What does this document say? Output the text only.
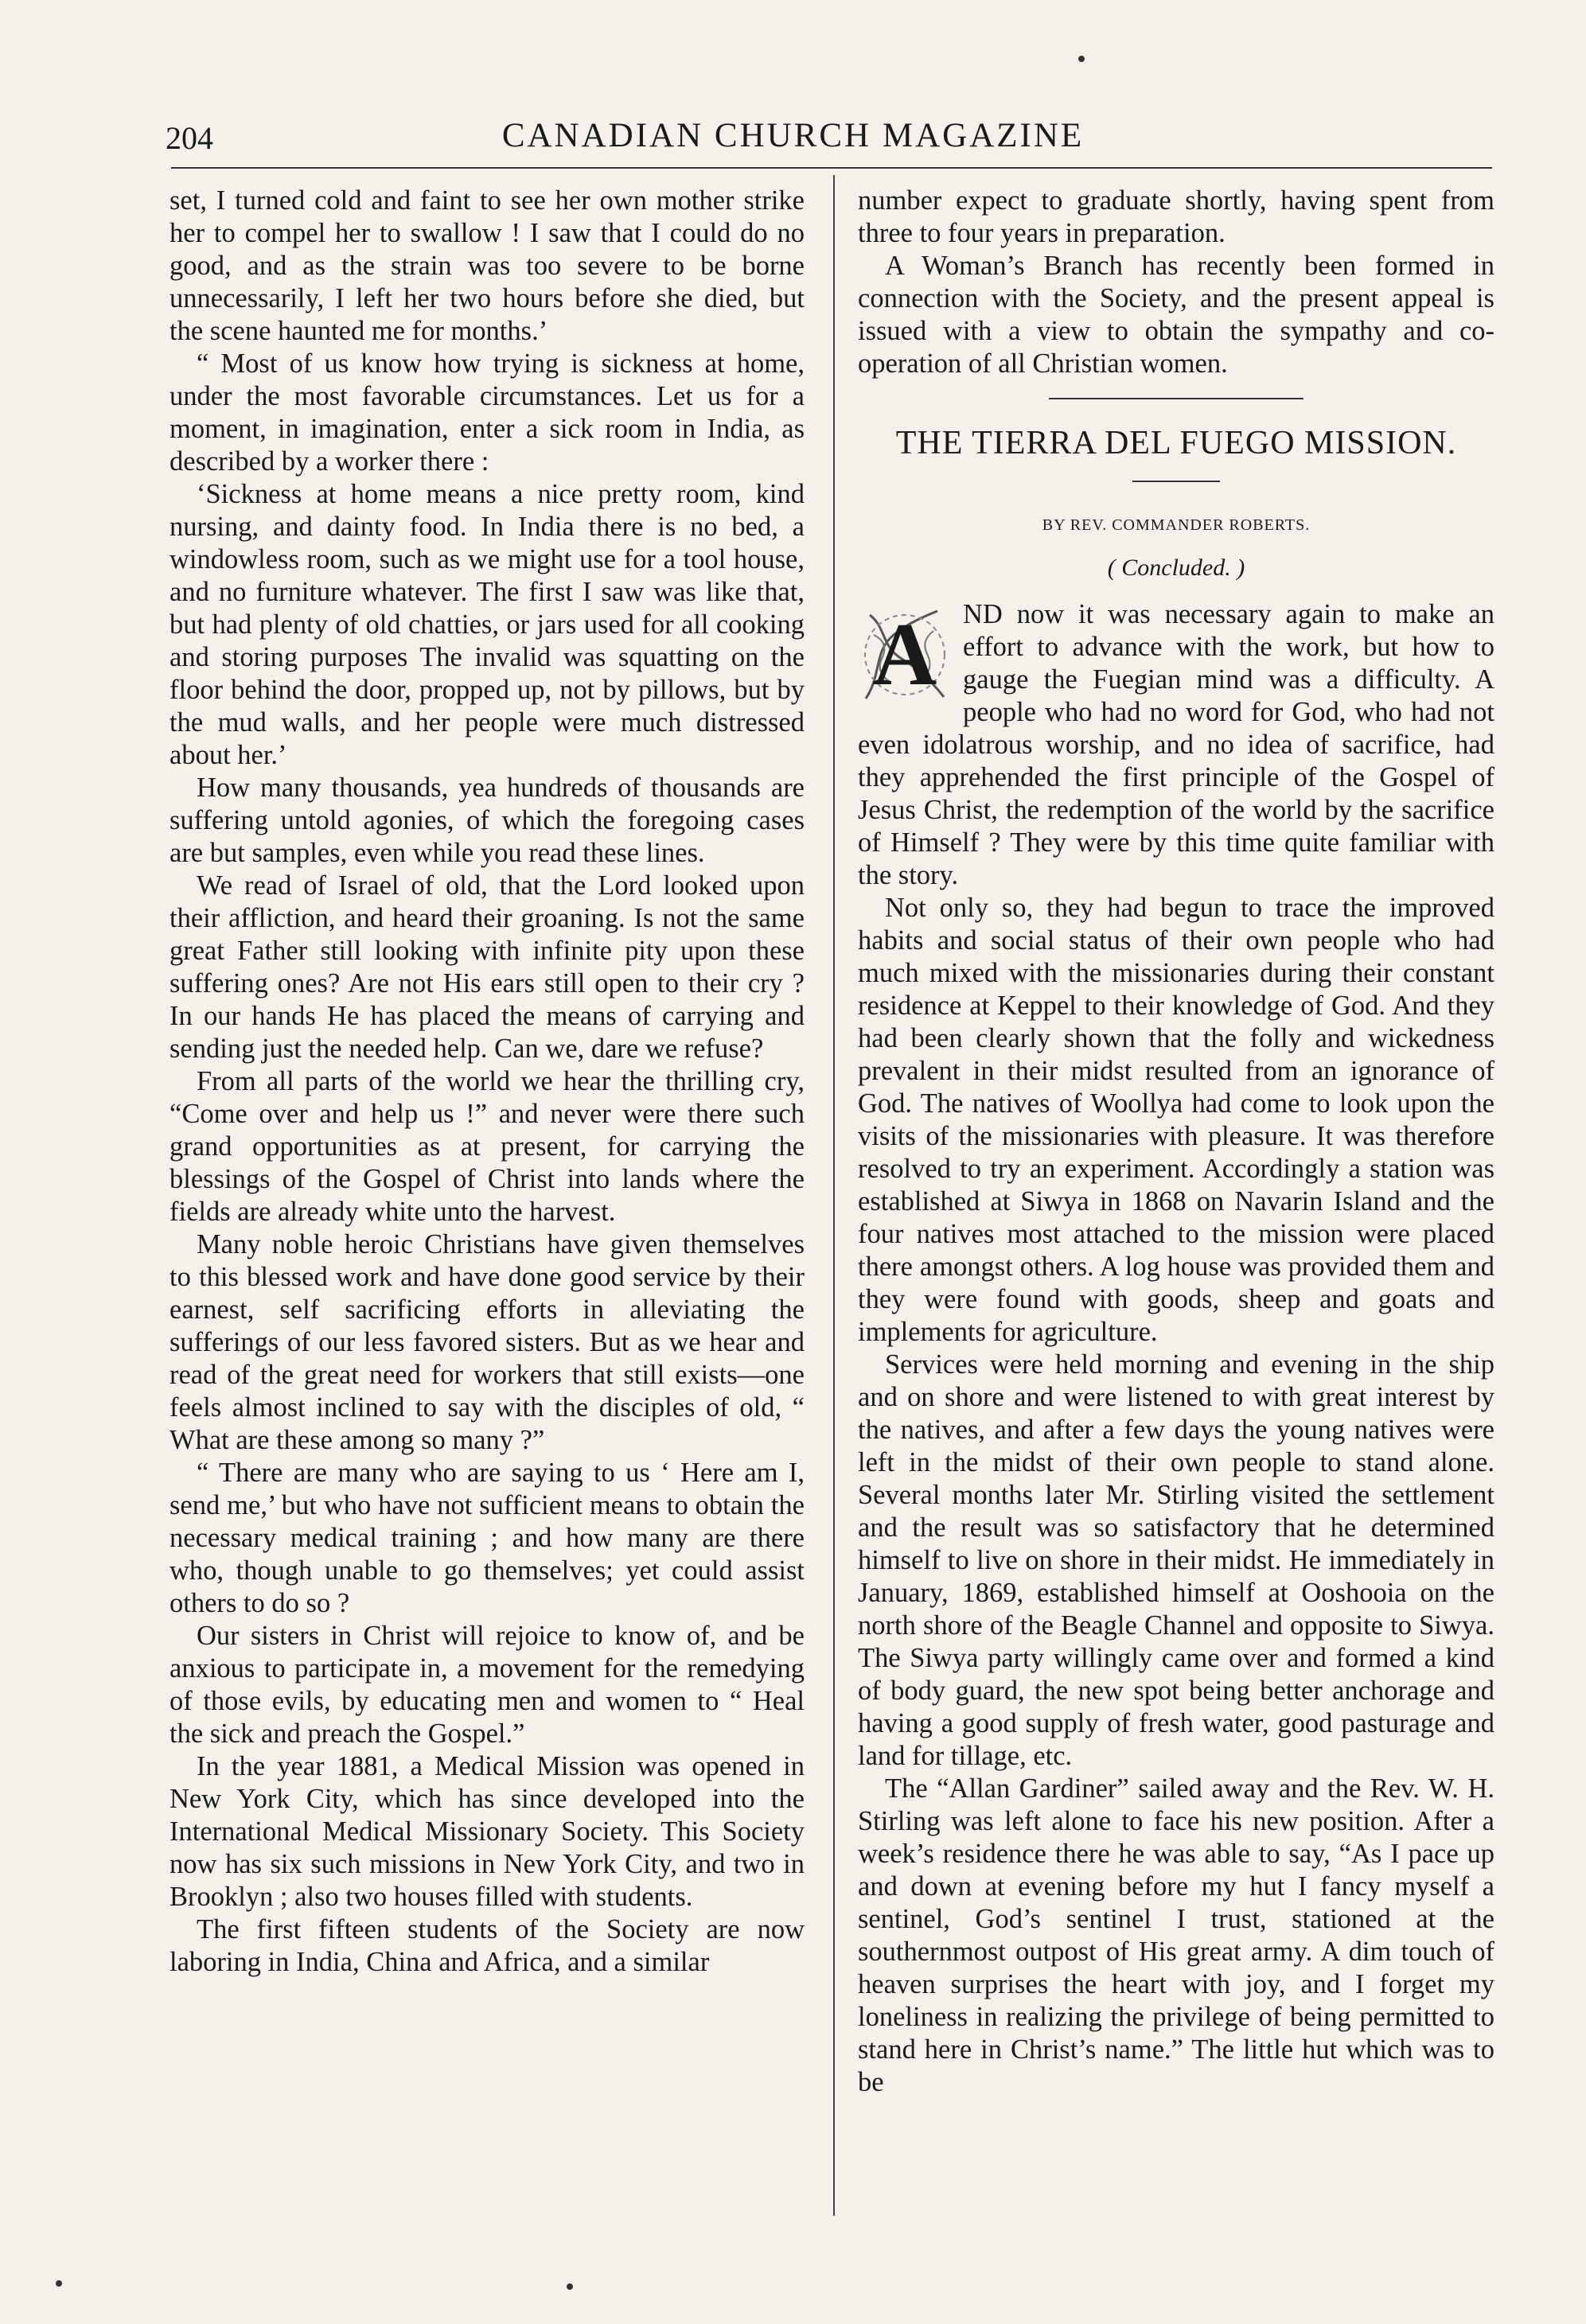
204	CANADIAN CHURCH MAGAZINE

set, I turned cold and faint to see her own mother strike her to compel her to swallow ! I saw that I could do no good, and as the strain was too severe to be borne unnecessarily, I left her two hours before she died, but the scene haunted me for months.’

“ Most of us know how trying is sickness at home, under the most favorable circumstances. Let us for a moment, in imagination, enter a sick room in India, as described by a worker there :

‘Sickness at home means a nice pretty room, kind nursing, and dainty food. In India there is no bed, a windowless room, such as we might use for a tool house, and no furniture whatever. The first I saw was like that, but had plenty of old chatties, or jars used for all cooking and storing purposes The invalid was squatting on the floor behind the door, propped up, not by pillows, but by the mud walls, and her people were much distressed about her.’

How many thousands, yea hundreds of thousands are suffering untold agonies, of which the foregoing cases are but samples, even while you read these lines.

We read of Israel of old, that the Lord looked upon their affliction, and heard their groaning. Is not the same great Father still looking with infinite pity upon these suffering ones? Are not His ears still open to their cry ? In our hands He has placed the means of carrying and sending just the needed help. Can we, dare we refuse?

From all parts of the world we hear the thrilling cry, “Come over and help us !” and never were there such grand opportunities as at present, for carrying the blessings of the Gospel of Christ into lands where the fields are already white unto the harvest.

Many noble heroic Christians have given themselves to this blessed work and have done good service by their earnest, self sacrificing efforts in alleviating the sufferings of our less favored sisters. But as we hear and read of the great need for workers that still exists—one feels almost inclined to say with the disciples of old, “ What are these among so many ?”

“ There are many who are saying to us ‘ Here am I, send me,’ but who have not sufficient means to obtain the necessary medical training ; and how many are there who, though unable to go themselves; yet could assist others to do so ?

Our sisters in Christ will rejoice to know of, and be anxious to participate in, a movement for the remedying of those evils, by educating men and women to “ Heal the sick and preach the Gospel.”

In the year 1881, a Medical Mission was opened in New York City, which has since developed into the International Medical Missionary Society. This Society now has six such missions in New York City, and two in Brooklyn ; also two houses filled with students.

The first fifteen students of the Society are now laboring in India, China and Africa, and a similar

number expect to graduate shortly, having spent from three to four years in preparation.

A Woman’s Branch has recently been formed in connection with the Society, and the present appeal is issued with a view to obtain the sympathy and co-operation of all Christian women.

THE TIERRA DEL FUEGO MISSION.
BY REV. COMMANDER ROBERTS.
( Concluded. )

A ND now it was necessary again to make an effort to advance with the work, but how to gauge the Fuegian mind was a difficulty. A people who had no word for God, who had not even idolatrous worship, and no idea of sacrifice, had they apprehended the first principle of the Gospel of Jesus Christ, the redemption of the world by the sacrifice of Himself ? They were by this time quite familiar with the story.

Not only so, they had begun to trace the improved habits and social status of their own people who had much mixed with the missionaries during their constant residence at Keppel to their knowledge of God. And they had been clearly shown that the folly and wickedness prevalent in their midst resulted from an ignorance of God. The natives of Woollya had come to look upon the visits of the missionaries with pleasure. It was therefore resolved to try an experiment. Accordingly a station was established at Siwya in 1868 on Navarin Island and the four natives most attached to the mission were placed there amongst others. A log house was provided them and they were found with goods, sheep and goats and implements for agriculture.

Services were held morning and evening in the ship and on shore and were listened to with great interest by the natives, and after a few days the young natives were left in the midst of their own people to stand alone. Several months later Mr. Stirling visited the settlement and the result was so satisfactory that he determined himself to live on shore in their midst. He immediately in January, 1869, established himself at Ooshooia on the north shore of the Beagle Channel and opposite to Siwya. The Siwya party willingly came over and formed a kind of body guard, the new spot being better anchorage and having a good supply of fresh water, good pasturage and land for tillage, etc.

The “Allan Gardiner” sailed away and the Rev. W. H. Stirling was left alone to face his new position. After a week’s residence there he was able to say, “As I pace up and down at evening before my hut I fancy myself a sentinel, God’s sentinel I trust, stationed at the southernmost outpost of His great army. A dim touch of heaven surprises the heart with joy, and I forget my loneliness in realizing the privilege of being permitted to stand here in Christ’s name.” The little hut which was to be
